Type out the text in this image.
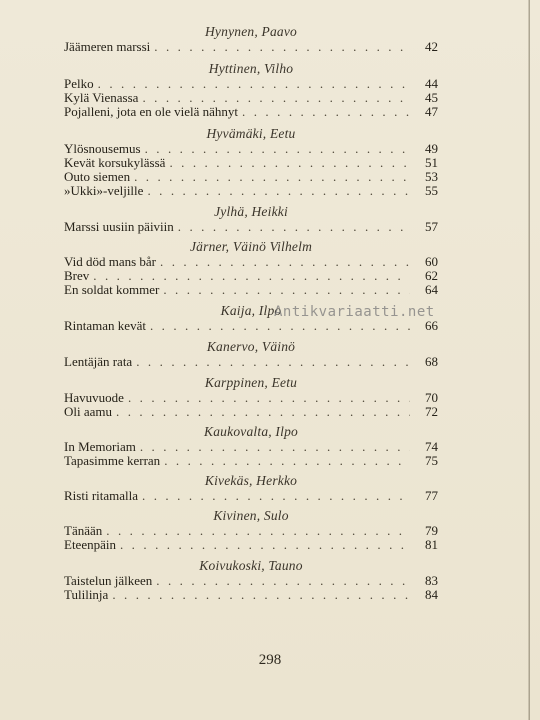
Hynynen, Paavo
Jäämeren marssi . . .	42
Hyttinen, Vilho
Pelko . . .	44
Kylä Vienassa . . .	45
Pojalleni, jota en ole vielä nähnyt . . .	47
Hyvämäki, Eetu
Ylösnousemus . . .	49
Kevät korsukylässä . . .	51
Outo siemen . . .	53
»Ukki»-veljille . . .	55
Jylhä, Heikki
Marssi uusiin päiviin . . .	57
Järner, Väinö Vilhelm
Vid död mans bår . . .	60
Brev . . .	62
En soldat kommer . . .	64
Kaija, Ilpo
Rintaman kevät . . .	66
Kanervo, Väinö
Lentäjän rata . . .	68
Karppinen, Eetu
Havuvuode . . .	70
Oli aamu . . .	72
Kaukovalta, Ilpo
In Memoriam . . .	74
Tapasimme kerran . . .	75
Kivekäs, Herkko
Risti ritamalla . . .	77
Kivinen, Sulo
Tänään . . .	79
Eteenpäin . . .	81
Koivukoski, Tauno
Taistelun jälkeen . . .	83
Tulilinja . . .	84
Antikvariaatti.net
298
